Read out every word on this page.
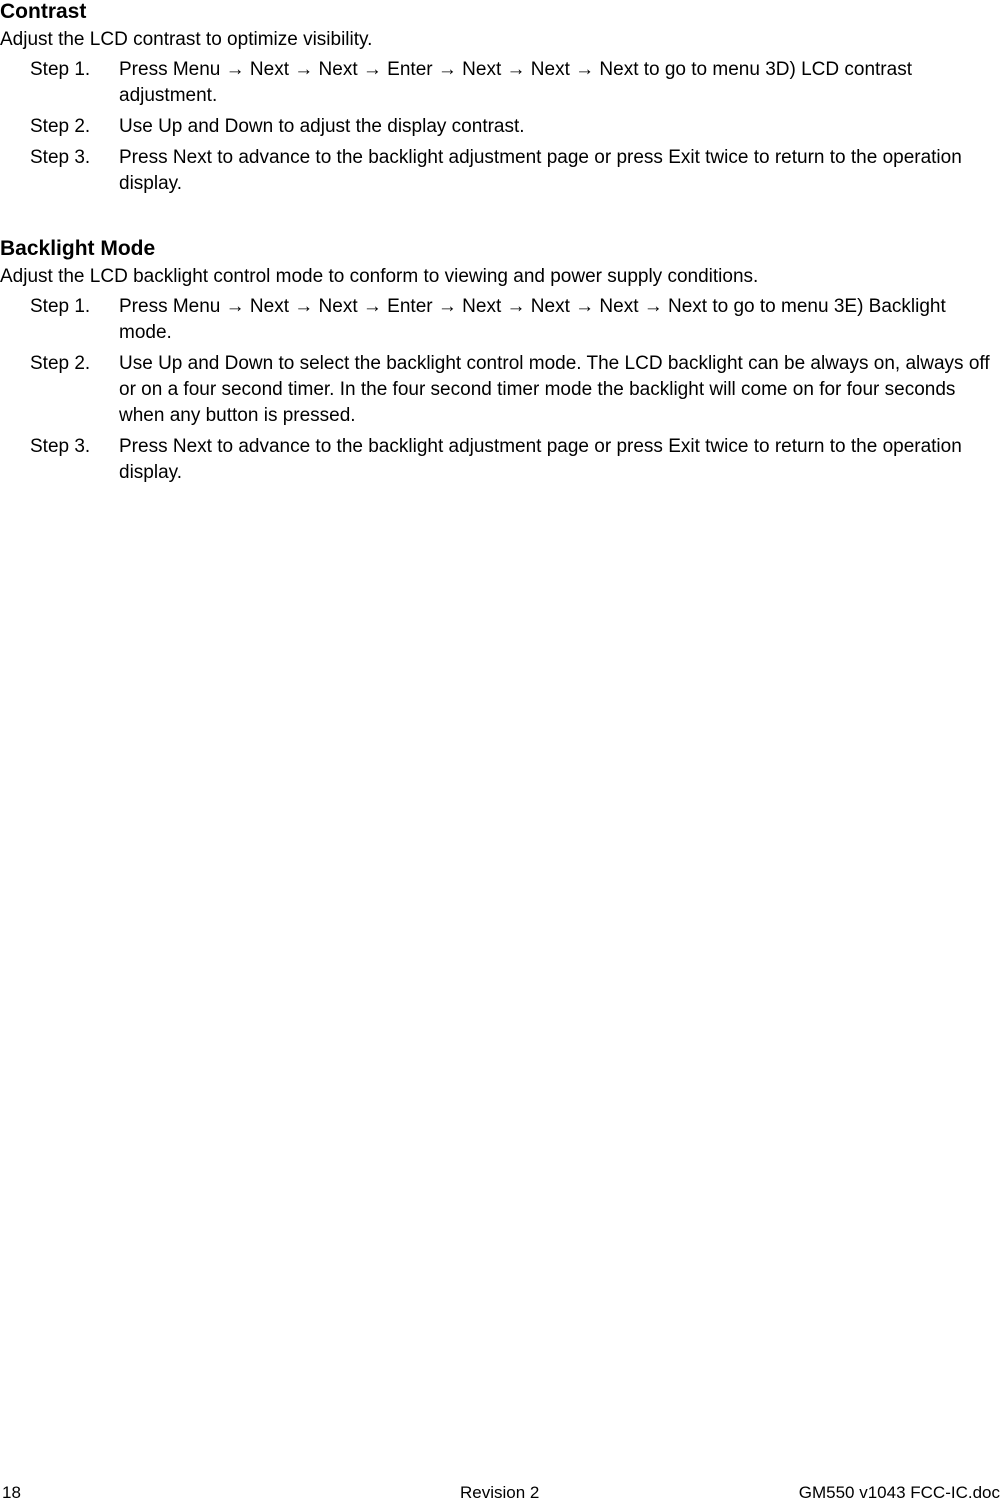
Contrast

Adjust the LCD contrast to optimize visibility.

Step 1.	Press Menu → Next → Next → Enter → Next → Next → Next to go to menu 3D) LCD contrast adjustment.
Step 2.	Use Up and Down to adjust the display contrast.
Step 3.	Press Next to advance to the backlight adjustment page or press Exit twice to return to the operation display.
Backlight Mode

Adjust the LCD backlight control mode to conform to viewing and power supply conditions.

Step 1.	Press Menu → Next → Next → Enter → Next → Next → Next → Next to go to menu 3E) Backlight mode.
Step 2.	Use Up and Down to select the backlight control mode. The LCD backlight can be always on, always off or on a four second timer. In the four second timer mode the backlight will come on for four seconds when any button is pressed.
Step 3.	Press Next to advance to the backlight adjustment page or press Exit twice to return to the operation display.
18	Revision 2	GM550 v1043 FCC-IC.doc
